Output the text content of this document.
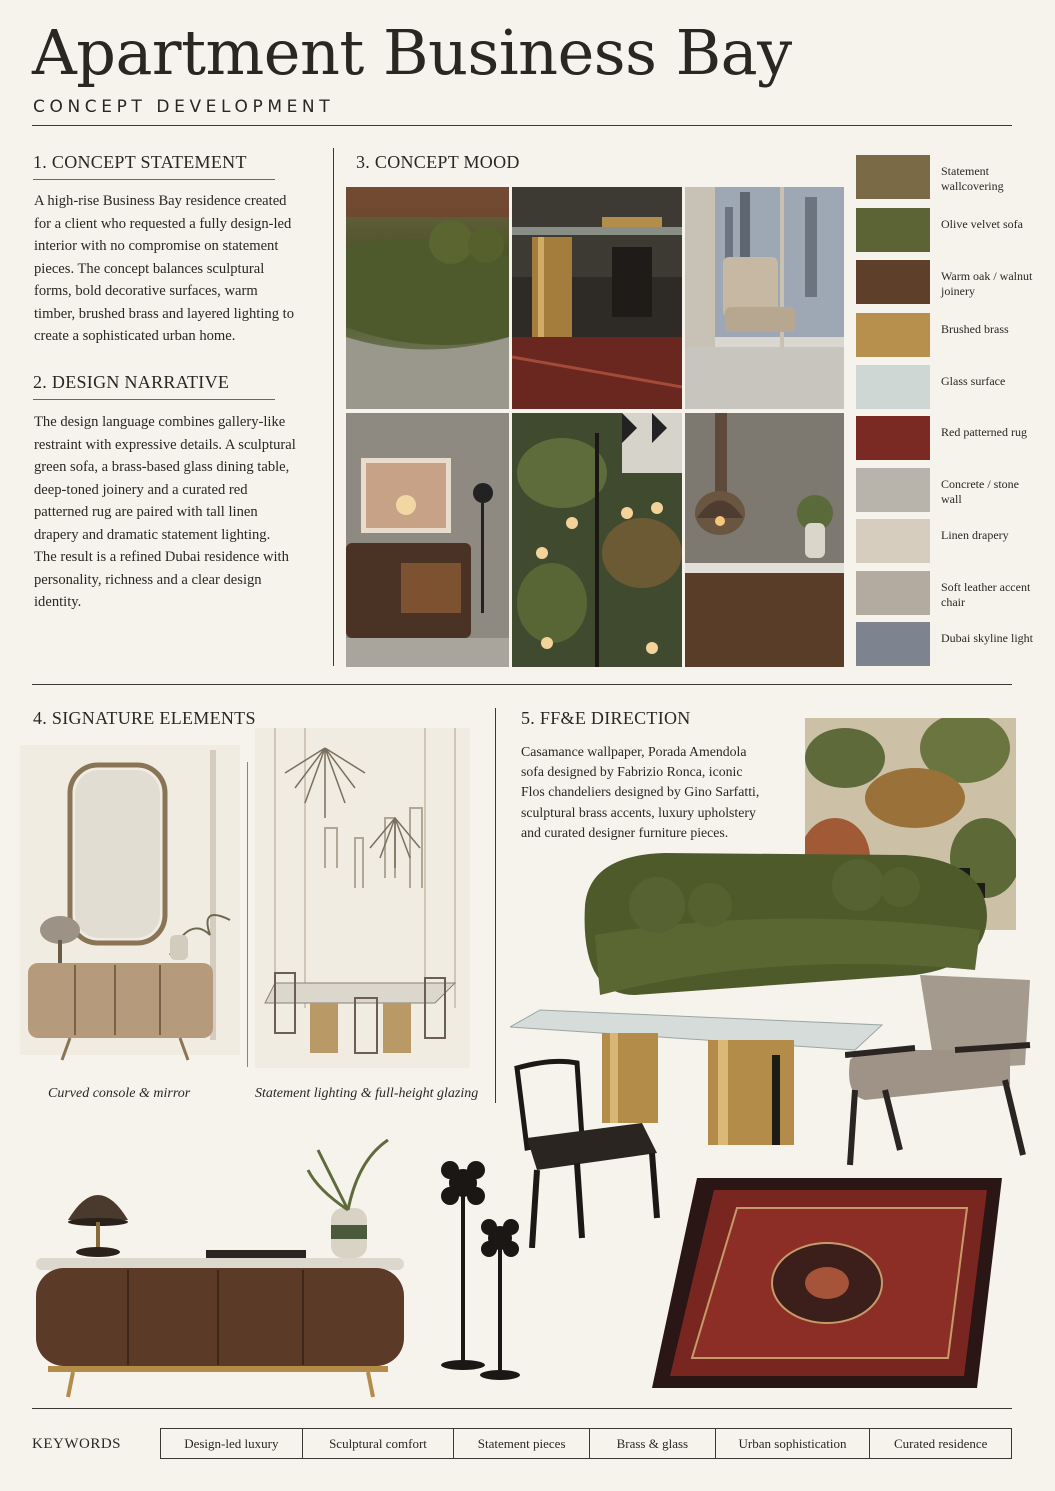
Apartment Business Bay
CONCEPT DEVELOPMENT
1. CONCEPT STATEMENT
A high-rise Business Bay residence created for a client who requested a fully design-led interior with no compromise on statement pieces. The concept balances sculptural forms, bold decorative surfaces, warm timber, brushed brass and layered lighting to create a sophisticated urban home.
2. DESIGN NARRATIVE
The design language combines gallery-like restraint with expressive details. A sculptural green sofa, a brass-based glass dining table, deep-toned joinery and a curated red patterned rug are paired with tall linen drapery and dramatic statement lighting. The result is a refined Dubai residence with personality, richness and a clear design identity.
3. CONCEPT MOOD	Statement wallcovering
Olive velvet sofa
Warm oak / walnut joinery
Brushed brass
Glass surface
Red patterned rug
Concrete / stone wall
Linen drapery
Soft leather accent chair
Dubai skyline light
4. SIGNATURE ELEMENTS
Curved console & mirror	Statement lighting & full-height glazing
5. FF&E DIRECTION
Casamance wallpaper, Porada Amendola sofa designed by Fabrizio Ronca, iconic Flos chandeliers designed by Gino Sarfatti, sculptural brass accents, luxury upholstery and curated designer furniture pieces.
KEYWORDS	Design-led luxury	Sculptural comfort	Statement pieces	Brass & glass	Urban sophistication	Curated residence
